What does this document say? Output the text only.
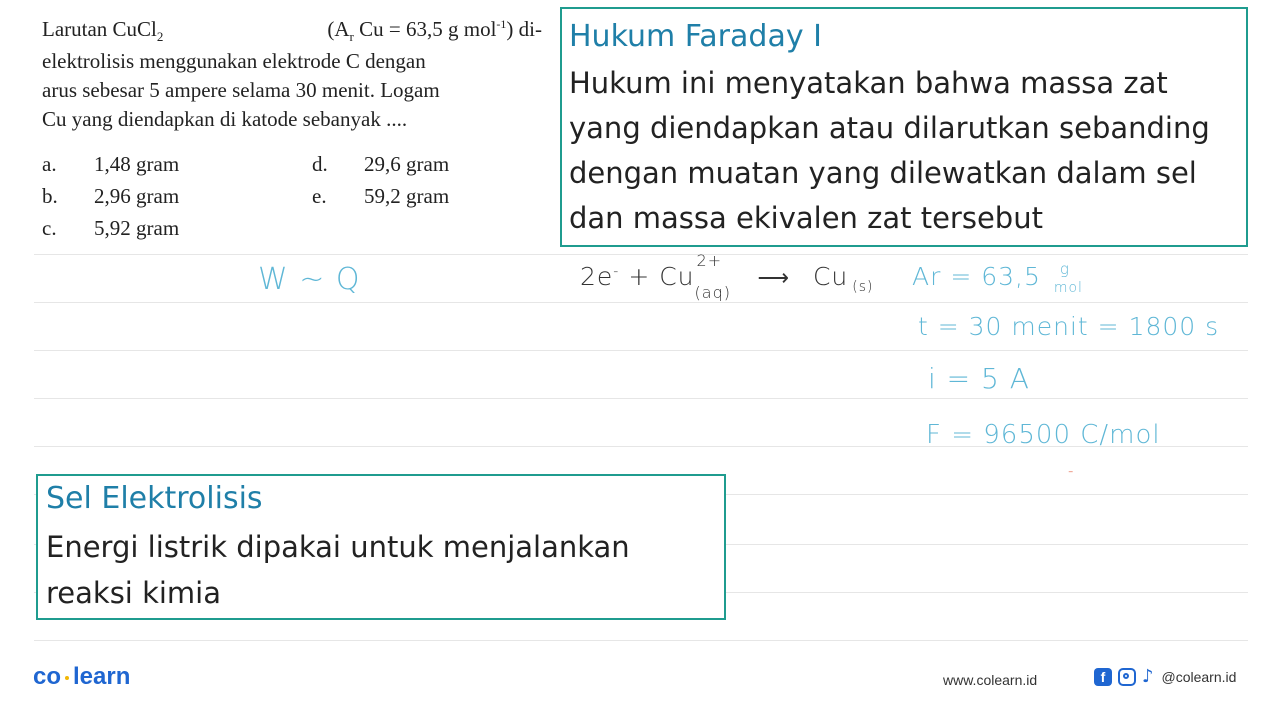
Larutan CuCl$_2$	($A_r$ Cu = 63,5 g mol$^{-1}$) di-
elektrolisis menggunakan elektrode C dengan
arus sebesar 5 ampere selama 30 menit. Logam
Cu yang diendapkan di katode sebanyak ....
a. 1,48 gram
b. 2,96 gram
c. 5,92 gram
d. 29,6 gram
e. 59,2 gram
Hukum Faraday I
Hukum ini menyatakan bahwa massa zat yang diendapkan atau dilarutkan sebanding dengan muatan yang dilewatkan dalam sel dan massa ekivalen zat tersebut
Sel Elektrolisis
Energi listrik dipakai untuk menjalankan reaksi kimia
W ~ Q	2e- + Cu
2+
(aq)
⟶ Cu $_{(s)}$ Ar = 63,5 g
mol
t = 30 menit = 1800 s
i = 5 A
F = 96500 C/mol
-
co learn	www.colearn.id	f	♪ @colearn.id
